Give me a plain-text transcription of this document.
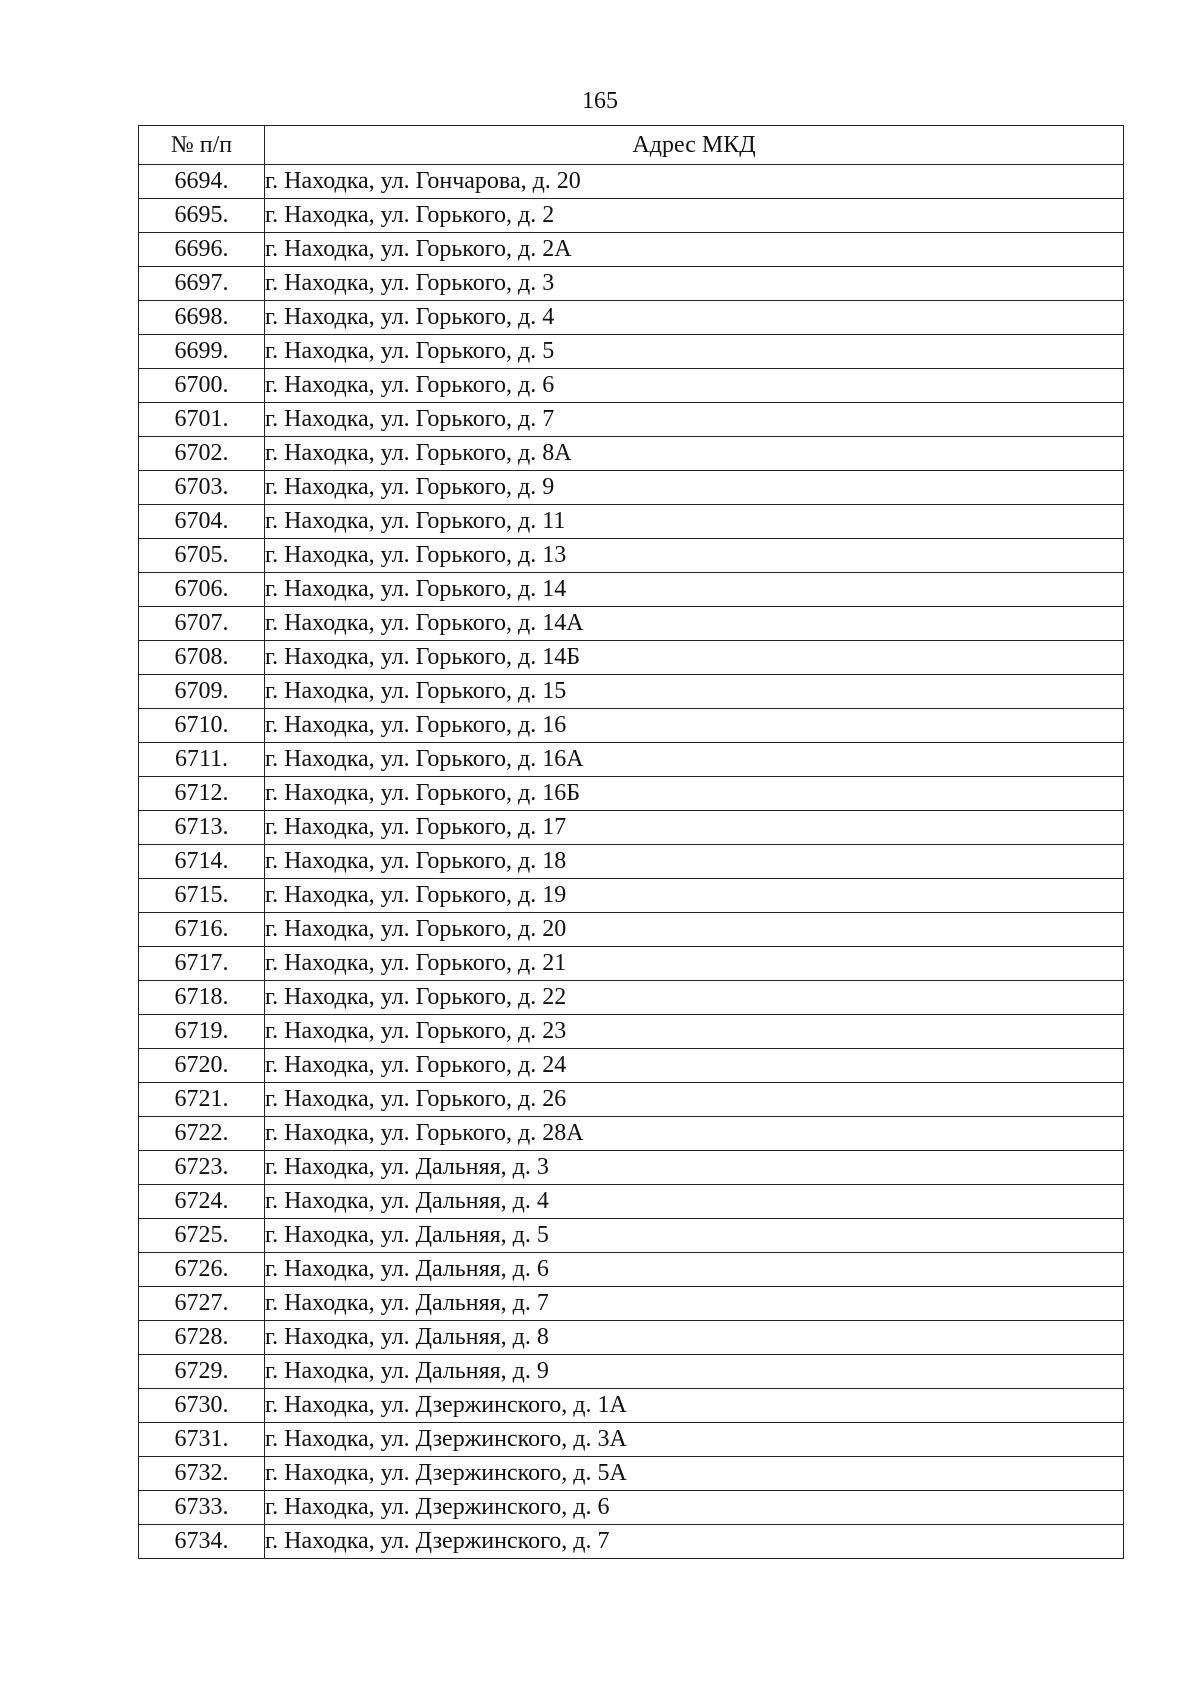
165
№ п/п	Адрес МКД
6694.	г. Находка, ул. Гончарова, д. 20
6695.	г. Находка, ул. Горького, д. 2
6696.	г. Находка, ул. Горького, д. 2А
6697.	г. Находка, ул. Горького, д. 3
6698.	г. Находка, ул. Горького, д. 4
6699.	г. Находка, ул. Горького, д. 5
6700.	г. Находка, ул. Горького, д. 6
6701.	г. Находка, ул. Горького, д. 7
6702.	г. Находка, ул. Горького, д. 8А
6703.	г. Находка, ул. Горького, д. 9
6704.	г. Находка, ул. Горького, д. 11
6705.	г. Находка, ул. Горького, д. 13
6706.	г. Находка, ул. Горького, д. 14
6707.	г. Находка, ул. Горького, д. 14А
6708.	г. Находка, ул. Горького, д. 14Б
6709.	г. Находка, ул. Горького, д. 15
6710.	г. Находка, ул. Горького, д. 16
6711.	г. Находка, ул. Горького, д. 16А
6712.	г. Находка, ул. Горького, д. 16Б
6713.	г. Находка, ул. Горького, д. 17
6714.	г. Находка, ул. Горького, д. 18
6715.	г. Находка, ул. Горького, д. 19
6716.	г. Находка, ул. Горького, д. 20
6717.	г. Находка, ул. Горького, д. 21
6718.	г. Находка, ул. Горького, д. 22
6719.	г. Находка, ул. Горького, д. 23
6720.	г. Находка, ул. Горького, д. 24
6721.	г. Находка, ул. Горького, д. 26
6722.	г. Находка, ул. Горького, д. 28А
6723.	г. Находка, ул. Дальняя, д. 3
6724.	г. Находка, ул. Дальняя, д. 4
6725.	г. Находка, ул. Дальняя, д. 5
6726.	г. Находка, ул. Дальняя, д. 6
6727.	г. Находка, ул. Дальняя, д. 7
6728.	г. Находка, ул. Дальняя, д. 8
6729.	г. Находка, ул. Дальняя, д. 9
6730.	г. Находка, ул. Дзержинского, д. 1А
6731.	г. Находка, ул. Дзержинского, д. 3А
6732.	г. Находка, ул. Дзержинского, д. 5А
6733.	г. Находка, ул. Дзержинского, д. 6
6734.	г. Находка, ул. Дзержинского, д. 7
